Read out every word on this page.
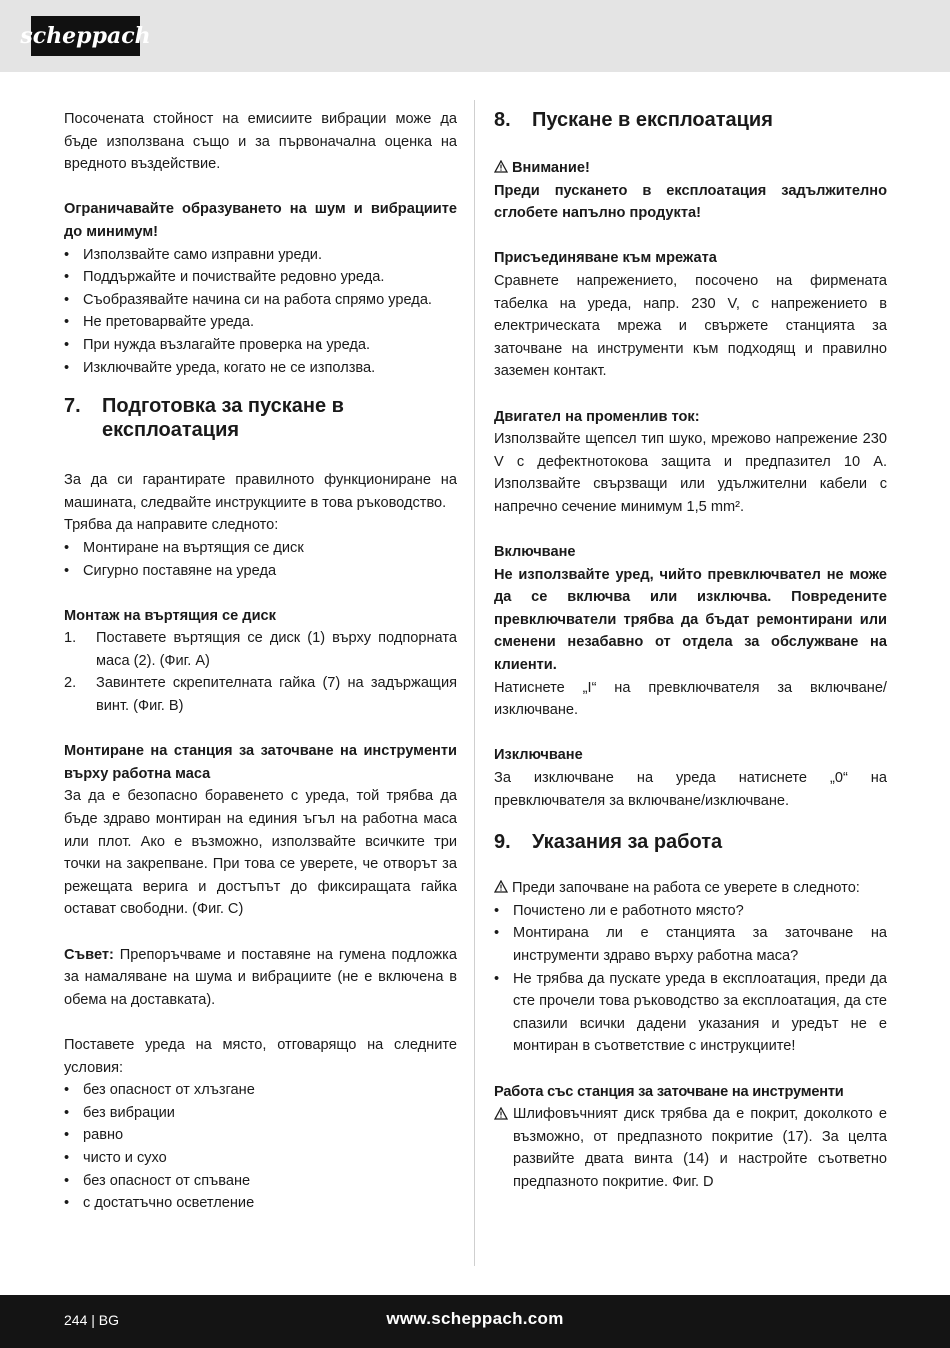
scheppach

Посочената стойност на емисиите вибрации може да бъде използвана също и за първоначална оценка на вредното въздействие.

Ограничавайте образуването на шум и вибрациите до минимум!

• Използвайте само изправни уреди.
• Поддържайте и почиствайте редовно уреда.
• Съобразявайте начина си на работа спрямо уреда.
• Не претоварвайте уреда.
• При нужда възлагайте проверка на уреда.
• Изключвайте уреда, когато не се използва.
7.	Подготовка за пускане в експлоатация

За да си гарантирате правилното функциониране на машината, следвайте инструкциите в това ръководство.

Трябва да направите следното:

• Монтиране на въртящия се диск
• Сигурно поставяне на уреда

Монтаж на въртящия се диск

1. Поставете въртящия се диск (1) върху подпорната маса (2). (Фиг. A)
2. Завинтете скрепителната гайка (7) на задържащия винт. (Фиг. B)

Монтиране на станция за заточване на инструменти върху работна маса

За да е безопасно боравенето с уреда, той трябва да бъде здраво монтиран на единия ъгъл на работна маса или плот. Ако е възможно, използвайте всичките три точки на закрепване. При това се уверете, че отворът за режещата верига и достъпът до фиксиращата гайка остават свободни. (Фиг. C)

Съвет: Препоръчваме и поставяне на гумена подложка за намаляване на шума и вибрациите (не е включена в обема на доставката).

Поставете уреда на място, отговарящо на следните условия:

• без опасност от хлъзгане
• без вибрации
• равно
• чисто и сухо
• без опасност от спъване
• с достатъчно осветление
8.	Пускане в експлоатация

Внимание!

Преди пускането в експлоатация задължително сглобете напълно продукта!

Присъединяване към мрежата

Сравнете напрежението, посочено на фирмената табелка на уреда, напр. 230 V, с напрежението в електрическата мрежа и свържете станцията за заточване на инструменти към подходящ и правилно заземен контакт.

Двигател на променлив ток:

Използвайте щепсел тип шуко, мрежово напрежение 230 V с дефектнотокова защита и предпазител 10 A. Използвайте свързващи или удължителни кабели с напречно сечение минимум 1,5 mm².

Включване

Не използвайте уред, чийто превключвател не може да се включва или изключва. Повредените превключватели трябва да бъдат ремонтирани или сменени незабавно от отдела за обслужване на клиенти.

Натиснете „I“ на превключвателя за включване/ изключване.

Изключване

За изключване на уреда натиснете „0“ на превключвателя за включване/изключване.

9.	Указания за работа

Преди започване на работа се уверете в следното:

• Почистено ли е работното място?
• Монтирана ли е станцията за заточване на инструменти здраво върху работна маса?
• Не трябва да пускате уреда в експлоатация, преди да сте прочели това ръководство за експлоатация, да сте спазили всички дадени указания и уредът не е монтиран в съответствие с инструкциите!

Работа със станция за заточване на инструменти

Шлифовъчният диск трябва да е покрит, доколкото е възможно, от предпазното покритие (17). За целта развийте двата винта (14) и настройте съответно предпазното покритие. Фиг. D

244 | BG	www.scheppach.com
